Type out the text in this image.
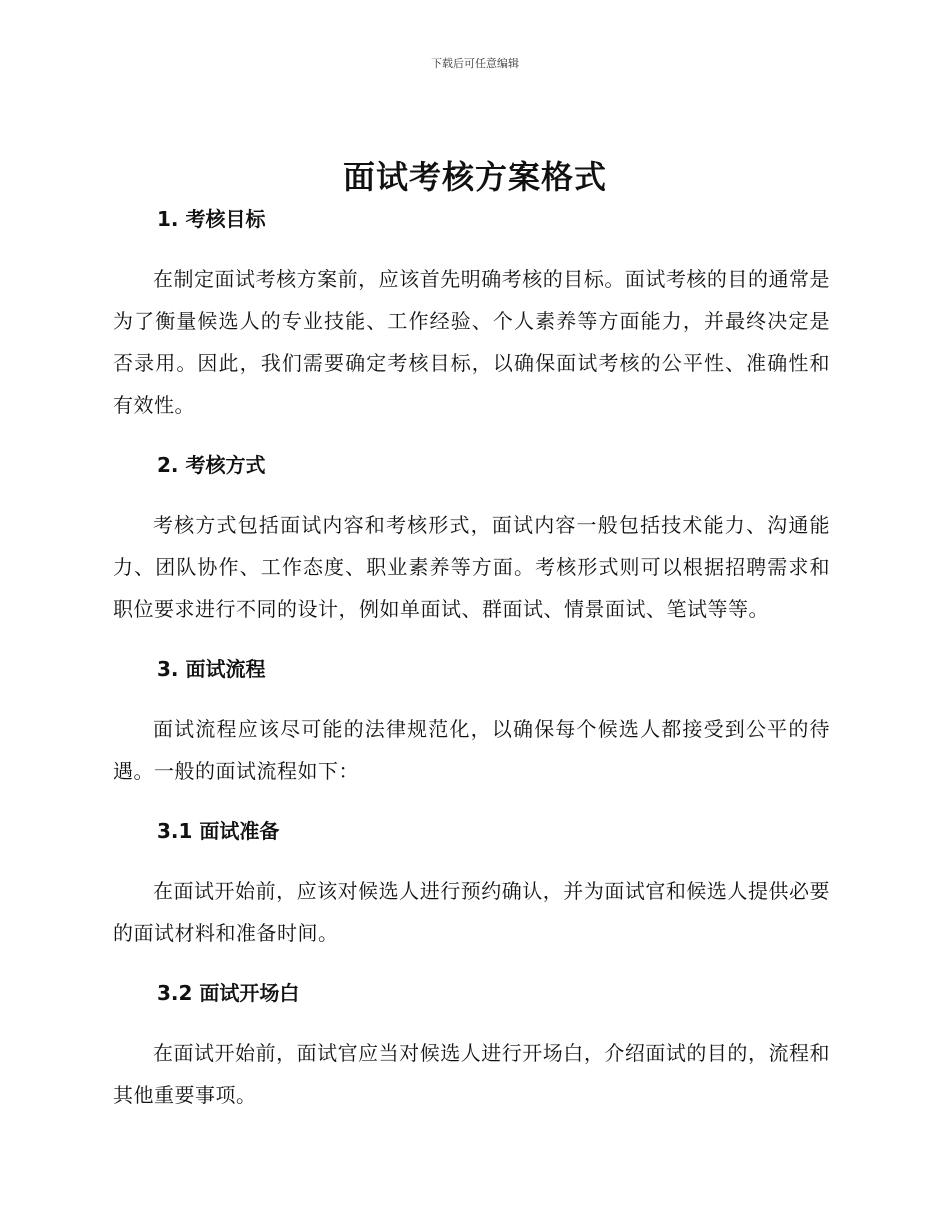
下载后可任意编辑
面试考核方案格式
1. 考核目标

在制定面试考核方案前，应该首先明确考核的目标。面试考核的目的通常是为了衡量候选人的专业技能、工作经验、个人素养等方面能力，并最终决定是否录用。因此，我们需要确定考核目标，以确保面试考核的公平性、准确性和有效性。

2. 考核方式

考核方式包括面试内容和考核形式，面试内容一般包括技术能力、沟通能力、团队协作、工作态度、职业素养等方面。考核形式则可以根据招聘需求和职位要求进行不同的设计，例如单面试、群面试、情景面试、笔试等等。

3. 面试流程

面试流程应该尽可能的法律规范化，以确保每个候选人都接受到公平的待遇。一般的面试流程如下：

3.1 面试准备

在面试开始前，应该对候选人进行预约确认，并为面试官和候选人提供必要的面试材料和准备时间。

3.2 面试开场白

在面试开始前，面试官应当对候选人进行开场白，介绍面试的目的，流程和其他重要事项。
